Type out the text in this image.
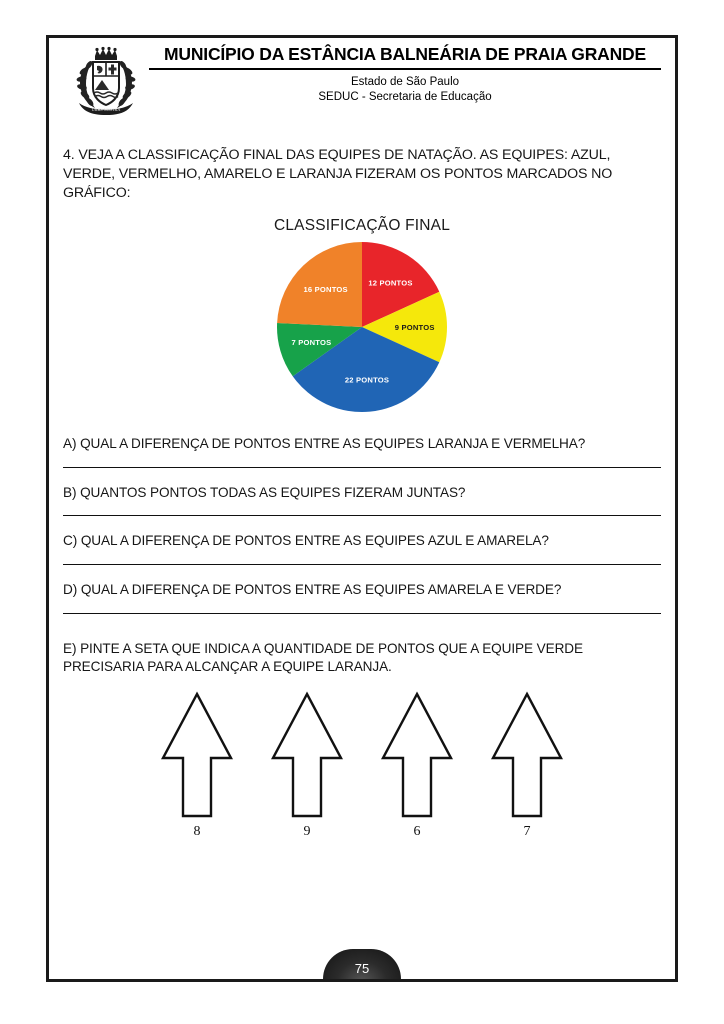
URBS NOSTRA
MUNICÍPIO DA ESTÂNCIA BALNEÁRIA DE PRAIA GRANDE
Estado de São Paulo
SEDUC - Secretaria de Educação

4. VEJA A CLASSIFICAÇÃO FINAL DAS EQUIPES DE NATAÇÃO. AS EQUIPES: AZUL, VERDE, VERMELHO, AMARELO E LARANJA FIZERAM OS PONTOS MARCADOS NO GRÁFICO:

CLASSIFICAÇÃO FINAL
12 PONTOS
9 PONTOS
22 PONTOS
7 PONTOS
16 PONTOS
A) QUAL A DIFERENÇA DE PONTOS ENTRE AS EQUIPES LARANJA E VERMELHA?
B) QUANTOS PONTOS TODAS AS EQUIPES FIZERAM JUNTAS?
C) QUAL A DIFERENÇA DE PONTOS ENTRE AS EQUIPES AZUL E AMARELA?
D) QUAL A DIFERENÇA DE PONTOS ENTRE AS EQUIPES AMARELA E VERDE?
E) PINTE A SETA QUE INDICA A QUANTIDADE DE PONTOS QUE A EQUIPE VERDE PRECISARIA PARA ALCANÇAR A EQUIPE LARANJA.
8	9	6	7
75
